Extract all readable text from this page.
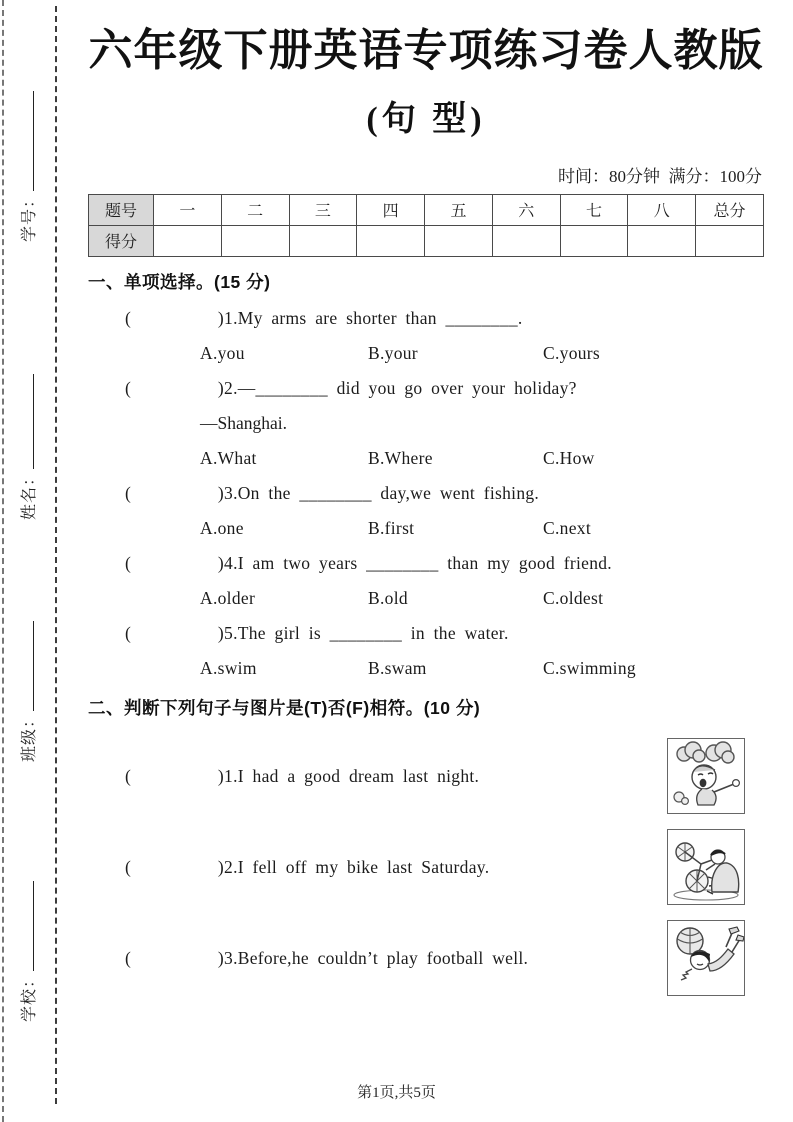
学号：
姓名：
班级：
学校：
六年级下册英语专项练习卷人教版
(句 型)
时间：80分钟  满分：100分
题号	一	二	三	四	五	六	七	八	总分
得分									
一、单项选择。(15 分)
(          )1.My arms are shorter than ________.
A.you	B.your	C.yours
(          )2.—________ did you go over your holiday?
—Shanghai.
A.What	B.Where	C.How
(          )3.On the ________ day,we went fishing.
A.one	B.first	C.next
(          )4.I am two years ________ than my good friend.
A.older	B.old	C.oldest
(          )5.The girl is ________ in the water.
A.swim	B.swam	C.swimming
二、判断下列句子与图片是(T)否(F)相符。(10 分)
(          )1.I had a good dream last night.
(          )2.I fell off my bike last Saturday.
(          )3.Before,he couldn’t play football well.
第1页,共5页
